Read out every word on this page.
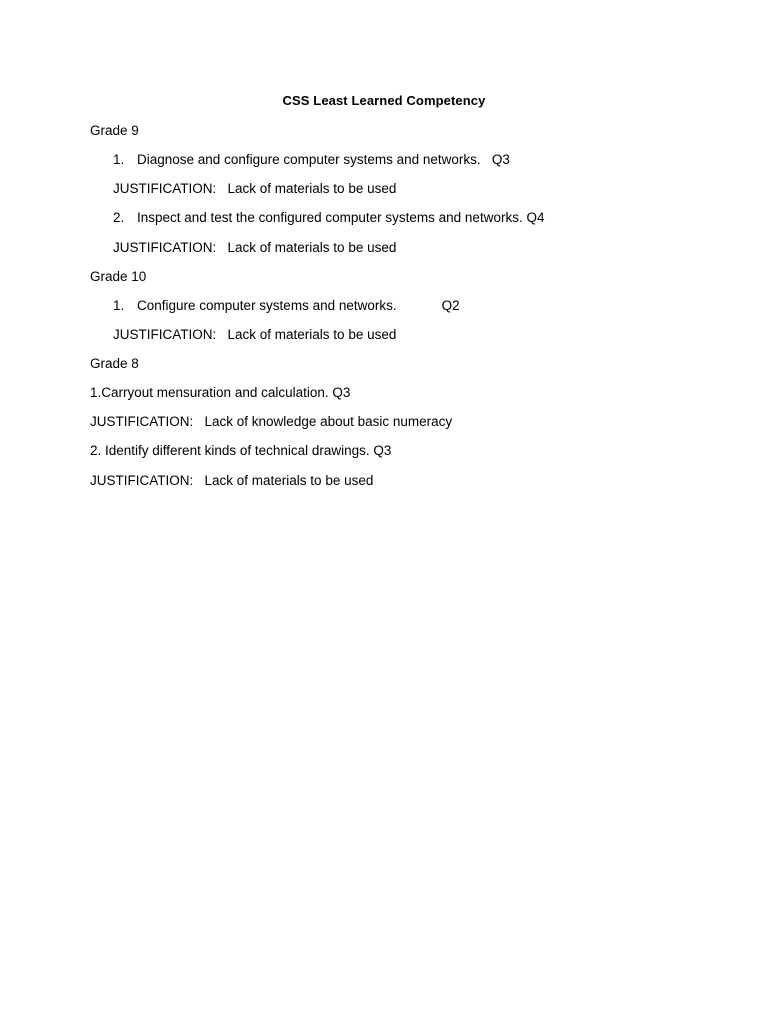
CSS Least Learned Competency
Grade 9
1. Diagnose and configure computer systems and networks.   Q3
JUSTIFICATION: Lack of materials to be used
2. Inspect and test the configured computer systems and networks. Q4
JUSTIFICATION: Lack of materials to be used
Grade 10
1. Configure computer systems and networks.            Q2
JUSTIFICATION: Lack of materials to be used
Grade 8
1.Carryout mensuration and calculation. Q3
JUSTIFICATION: Lack of knowledge about basic numeracy
2. Identify different kinds of technical drawings. Q3
JUSTIFICATION: Lack of materials to be used
